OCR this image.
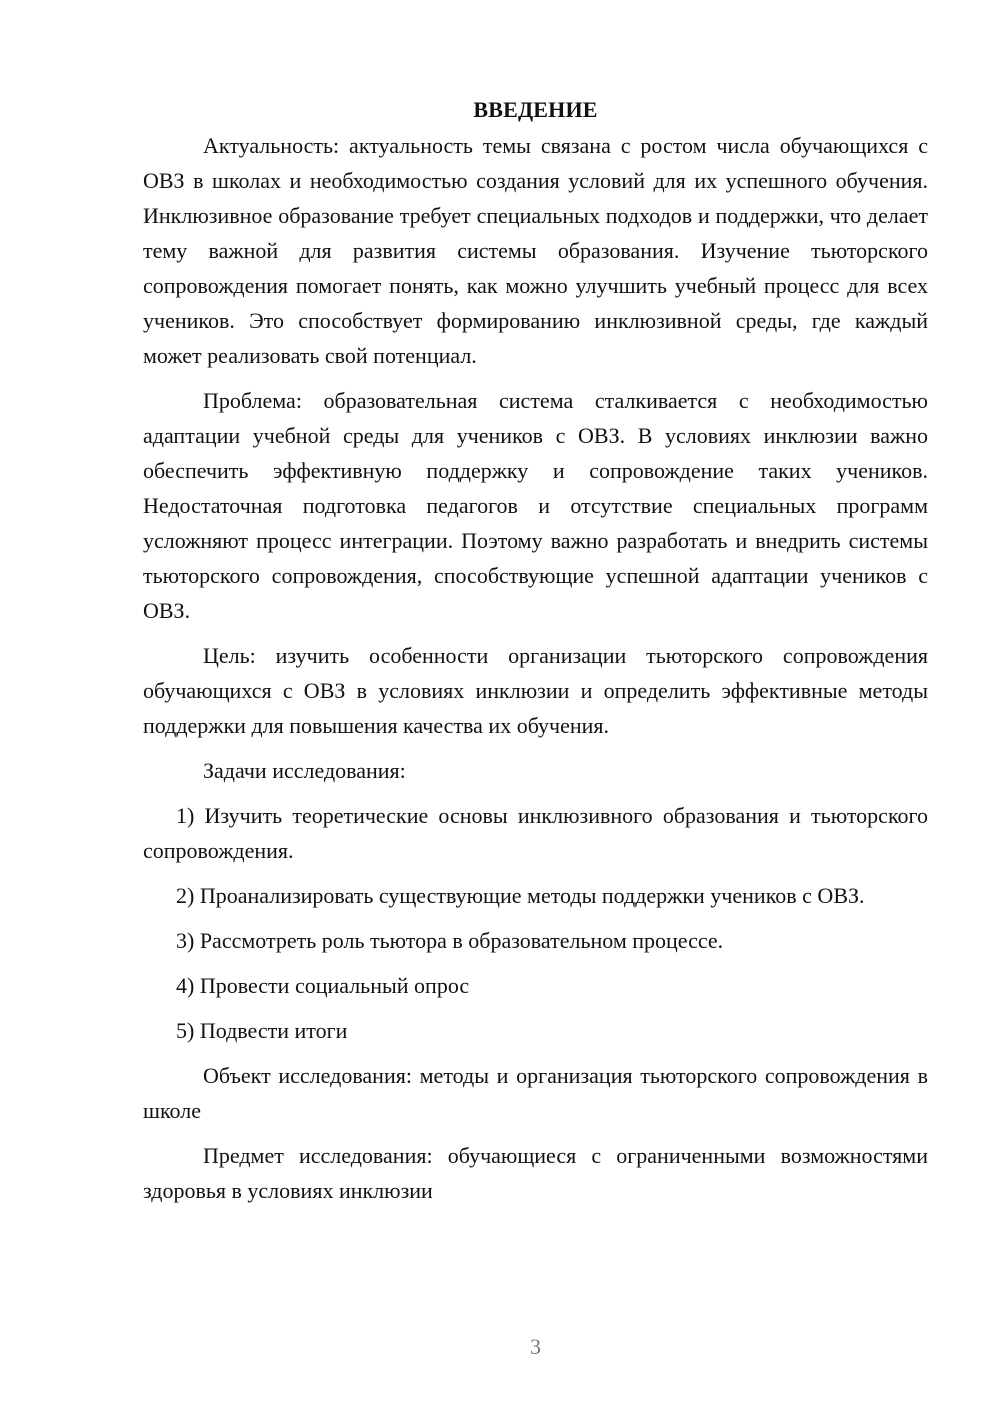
ВВЕДЕНИЕ

Актуальность: актуальность темы связана с ростом числа обучающихся с ОВЗ в школах и необходимостью создания условий для их успешного обучения. Инклюзивное образование требует специальных подходов и поддержки, что делает тему важной для развития системы образования. Изучение тьюторского сопровождения помогает понять, как можно улучшить учебный процесс для всех учеников. Это способствует формированию инклюзивной среды, где каждый может реализовать свой потенциал.

Проблема: образовательная система сталкивается с необходимостью адаптации учебной среды для учеников с ОВЗ. В условиях инклюзии важно обеспечить эффективную поддержку и сопровождение таких учеников. Недостаточная подготовка педагогов и отсутствие специальных программ усложняют процесс интеграции. Поэтому важно разработать и внедрить системы тьюторского сопровождения, способствующие успешной адаптации учеников с ОВЗ.

Цель: изучить особенности организации тьюторского сопровождения обучающихся с ОВЗ в условиях инклюзии и определить эффективные методы поддержки для повышения качества их обучения.

Задачи исследования:

1) Изучить теоретические основы инклюзивного образования и тьюторского сопровождения.

2) Проанализировать существующие методы поддержки учеников с ОВЗ.

3) Рассмотреть роль тьютора в образовательном процессе.

4) Провести социальный опрос

5) Подвести итоги

Объект исследования: методы и организация тьюторского сопровождения в школе

Предмет исследования: обучающиеся с ограниченными возможностями здоровья в условиях инклюзии

3
